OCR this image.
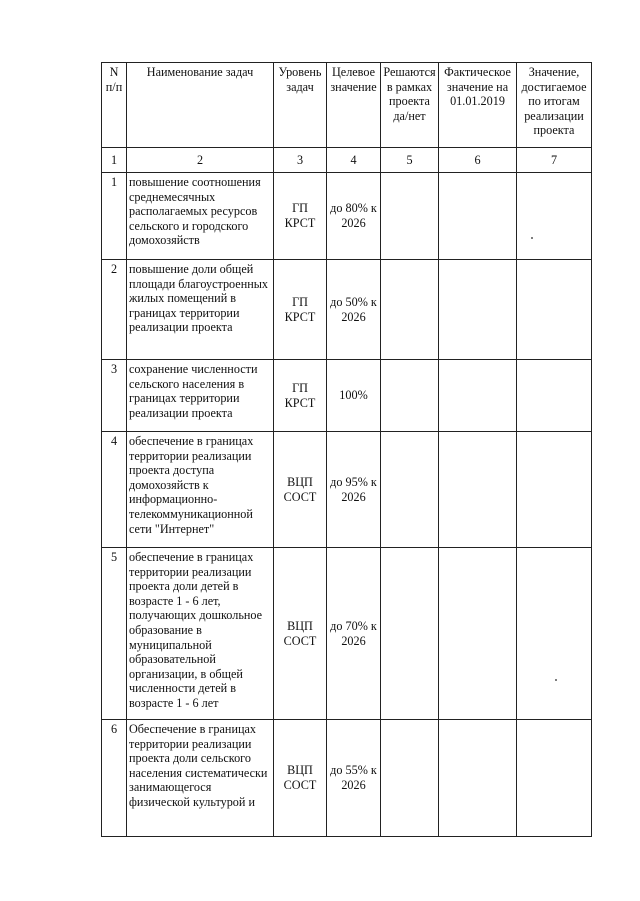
N п/п	Наименование задач	Уровень задач	Целевое значение	Решаются в рамках проекта да/нет	Фактическое значение на 01.01.2019	Значение, достигаемое по итогам реализации проекта
1	2	3	4	5	6	7
1	повышение соотношения среднемесячных располагаемых ресурсов сельского и городского домохозяйств	ГП КРСТ	до 80% к 2026			
2	повышение доли общей площади благоустроенных жилых помещений в границах территории реализации проекта	ГП КРСТ	до 50% к 2026			
3	сохранение численности сельского населения в границах территории реализации проекта	ГП КРСТ	100%			
4	обеспечение в границах территории реализации проекта доступа домохозяйств к информационно-телекоммуникационной сети "Интернет"	ВЦП СОСТ	до 95% к 2026			
5	обеспечение в границах территории реализации проекта доли детей в возрасте 1 - 6 лет, получающих дошкольное образование в муниципальной образовательной организации, в общей численности детей в возрасте 1 - 6 лет	ВЦП СОСТ	до 70% к 2026			
6	Обеспечение в границах территории реализации проекта доли сельского населения систематически занимающегося физической культурой и	ВЦП СОСТ	до 55% к 2026			
